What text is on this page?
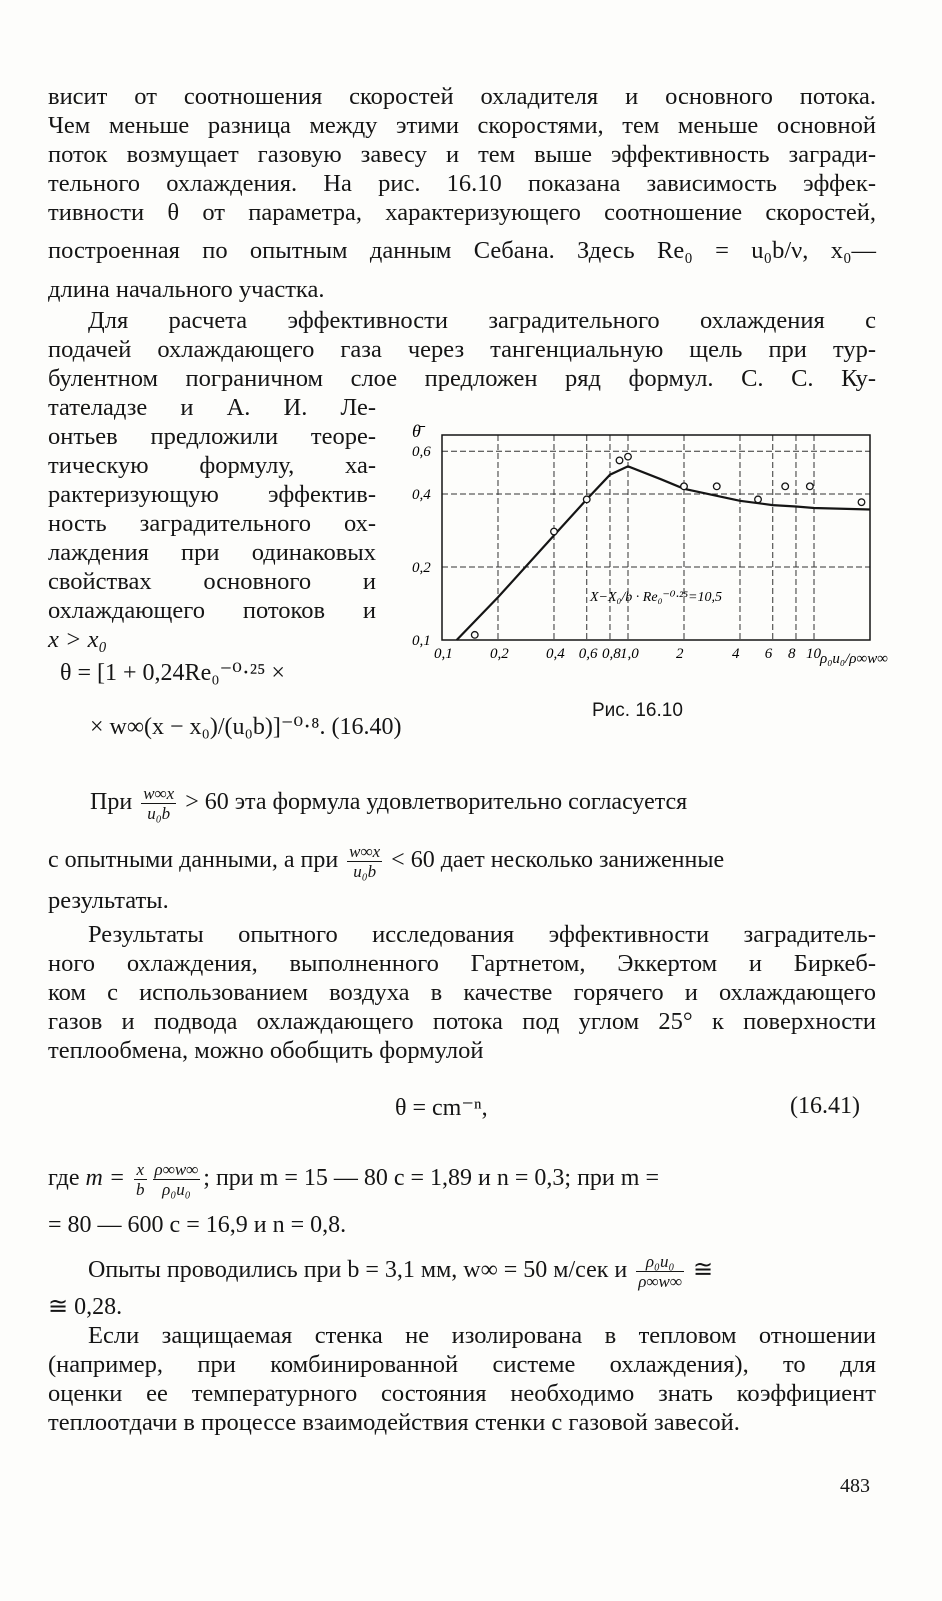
висит от соотношения скоростей охладителя и основного потока.

Чем меньше разница между этими скоростями, тем меньше основной

поток возмущает газовую завесу и тем выше эффективность загради-

тельного охлаждения. На рис. 16.10 показана зависимость эффек-

тивности θ от параметра, характеризующего соотношение скоростей,

построенная по опытным данным Себана. Здесь Re₀ = u₀b/ν, x₀—

длина начального участка.

Для расчета эффективности заградительного охлаждения с

подачей охлаждающего газа через тангенциальную щель при тур-

булентном пограничном слое предложен ряд формул. С. С. Ку-

тателадзе и А. И. Ле-

онтьев предложили теоре-

тическую формулу, ха-

рактеризующую эффектив-

ность заградительного ох-

лаждения при одинаковых

свойствах основного и

охлаждающего потоков и

x > x₀

θ = [1 + 0,24Re₀⁻⁰·²⁵ ×
× w∞(x − x₀)/(u₀b)]⁻⁰·⁸. (16.40)
0,1 0,2 0,4 0,6 0,8 1,0 2	4 6 8 10
0,1
0,2
0,4
0,6
θ̄
ρ₀u₀/ρ∞w∞
X−X₀/b · Re₀⁻⁰·²⁵=10,5
Рис. 16.10
При $\frac{w\infty x}{\text{u₀b}} > 60$ эта формула удовлетворительно согласуется
с опытными данными, а при $\frac{w\infty x}{\text{u₀b}} < 60$ дает несколько заниженные

результаты.

Результаты опытного исследования эффективности заградитель-

ного охлаждения, выполненного Гартнетом, Эккертом и Биркеб-

ком с использованием воздуха в качестве горячего и охлаждающего

газов и подвода охлаждающего потока под углом 25° к поверхности

теплообмена, можно обобщить формулой

θ = cm⁻ⁿ,	(16.41)
где $m = \frac{x}{b} \frac{\rho\infty w\infty}{\text{ρ₀u₀}}$ ; при m = 15 — 80 c = 1,89 и n = 0,3; при m =
= 80 — 600 c = 16,9 и n = 0,8.
Опыты проводились при b = 3,1 мм, w∞ = 50 м/сек и $\frac{\text{ρ₀u₀}}{\rho\infty w\infty}$ ≅
≅ 0,28.

Если защищаемая стенка не изолирована в тепловом отношении

(например, при комбинированной системе охлаждения), то для

оценки ее температурного состояния необходимо знать коэффициент

теплоотдачи в процессе взаимодействия стенки с газовой завесой.

483
